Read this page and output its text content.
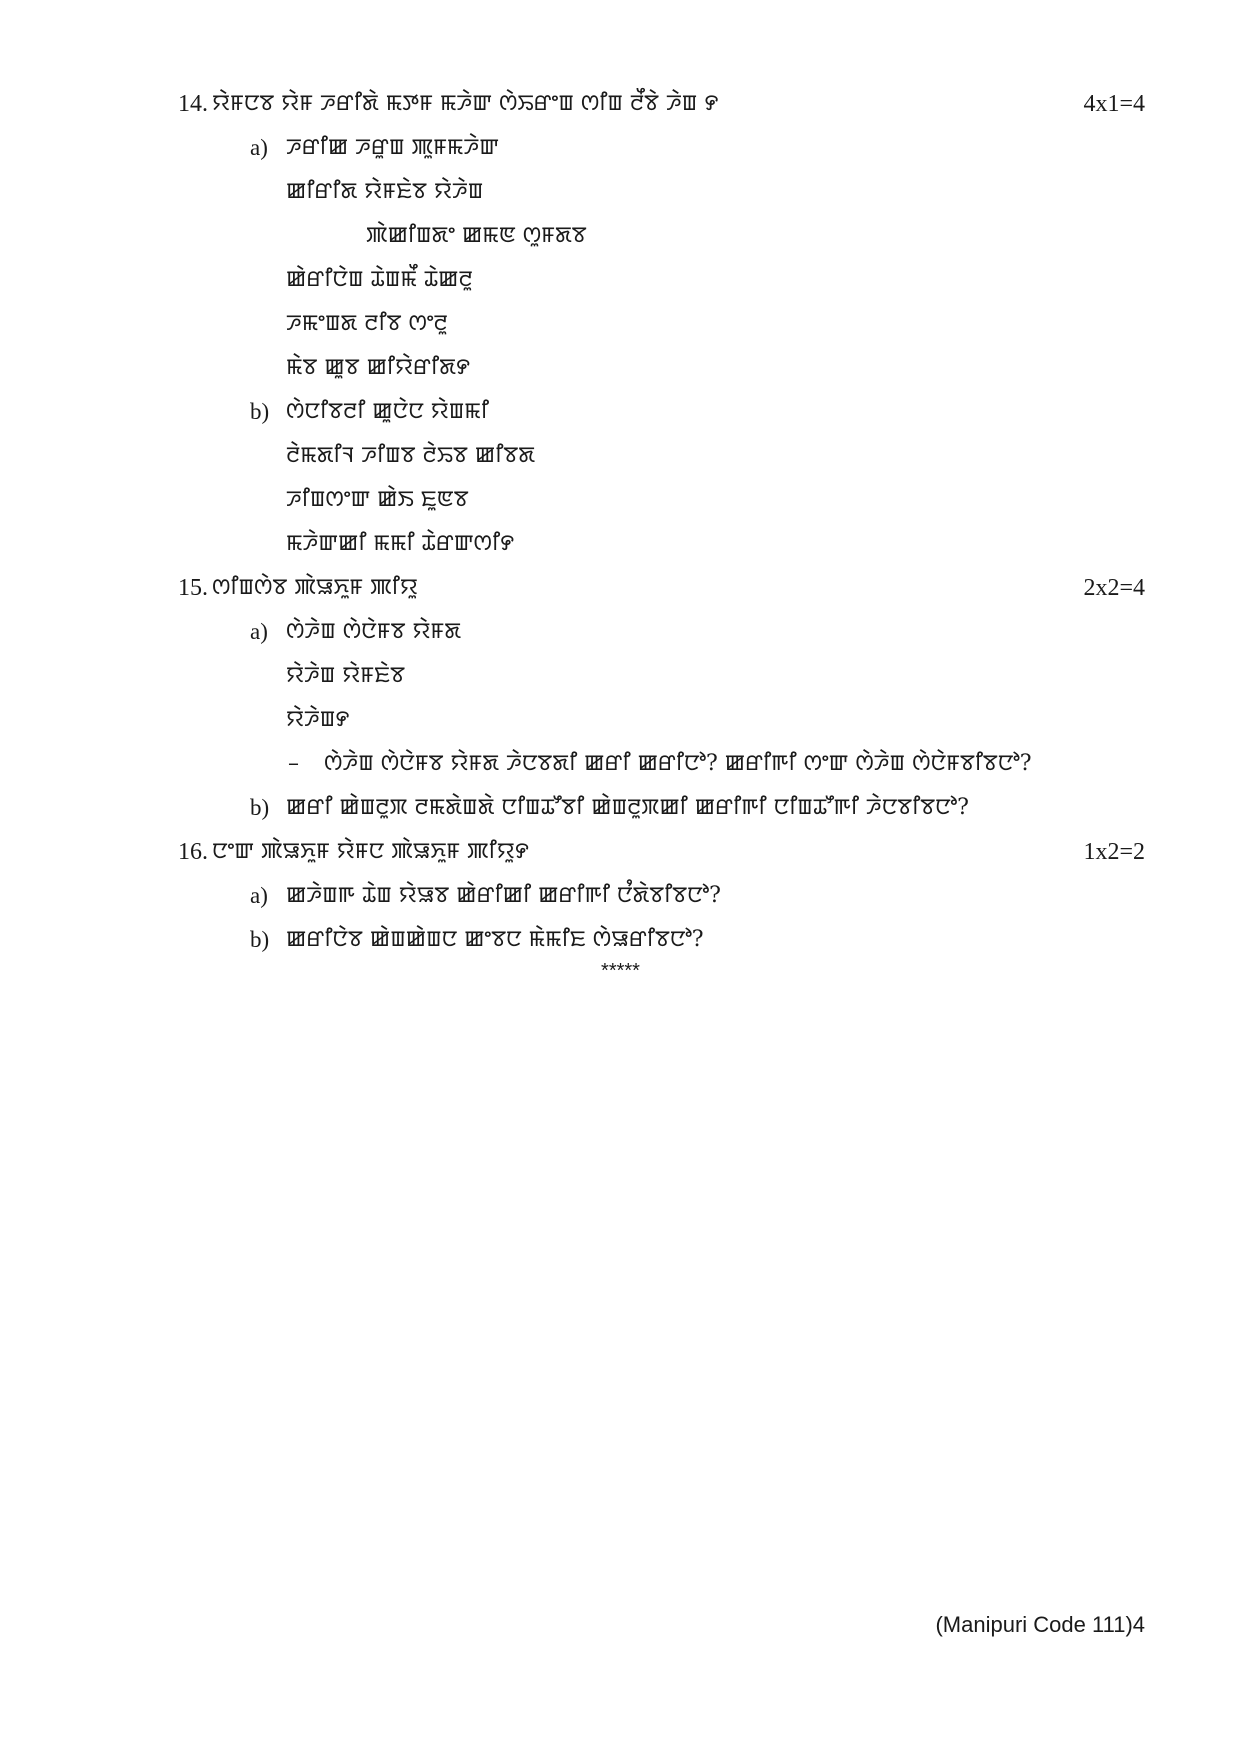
14. ꯌꯥꯝꯅꯕ ꯌꯥꯝ ꯍꯔꯤꯗꯥ ꯃꯇꯝ ꯃꯍꯥꯛ ꯁꯥꯢꯔꯦꯡ ꯁꯤꯡ ꯂꯩꯕꯥ ꯍꯥꯡ ꯸	4x1=4
a) ꯍꯔꯤꯀ ꯍꯔꯨꯡ ꯄꯨꯝꯃꯍꯥꯛ
ꯀꯤꯔꯤꯗ ꯌꯥꯝꯐꯥꯕ ꯌꯥꯍꯥꯡ
ꯄꯥꯀꯤꯡꯗꯦ ꯀꯃꯟ ꯁꯨꯝꯗꯕ
ꯀꯥꯔꯤꯅꯥꯡ ꯊꯥꯡꯃꯩ ꯊꯥꯀꯂꯨ
ꯍꯃꯦꯡꯗ ꯂꯤꯕ ꯁꯦꯂꯨ
ꯃꯥꯕ ꯀꯨꯕ ꯀꯤꯌꯥꯔꯤꯗ꯸
b) ꯁꯥꯅꯤꯕꯂꯤ ꯀꯨꯅꯥꯅ ꯌꯥꯡꯃꯤ
ꯂꯥꯃꯗꯤꯜ ꯍꯤꯡꯕ ꯂꯥꯢꯕ ꯀꯤꯕꯗ
ꯍꯤꯡꯁꯦꯛ ꯀꯥꯏ ꯐꯨꯟꯕ
ꯃꯍꯥꯛꯀꯤ ꯃꯃꯤ ꯊꯥꯔꯛꯁꯤ꯸
15. ꯁꯤꯡꯁꯥꯕ ꯄꯥꯎꯈꯨꯝ ꯄꯤꯌꯨ	2x2=4
a) ꯁꯥꯍꯥꯡ ꯁꯥꯅꯥꯝꯕ ꯌꯥꯝꯗ
ꯌꯥꯍꯥꯡ ꯌꯥꯝꯐꯥꯕ
ꯌꯥꯍꯥꯡ꯸
– ꯁꯥꯍꯥꯡ ꯁꯥꯅꯥꯝꯕ ꯌꯥꯝꯗ ꯍꯥꯅꯕꯗꯤ ꯀꯔꯤ ꯀꯔꯤꯅꯣ? ꯀꯔꯤꯒꯤ ꯁꯦꯛ ꯁꯥꯍꯥꯡ ꯁꯥꯅꯥꯝꯕꯤꯕꯅꯣ?
b) ꯀꯔꯤ ꯀꯥꯡꯂꯨꯞ ꯂꯃꯗꯥꯡꯗꯥ ꯅꯤꯡꯊꯧꯕꯤ ꯀꯥꯡꯂꯨꯞꯀꯤ ꯀꯔꯤꯒꯤ ꯅꯤꯡꯊꯧꯒꯤ ꯍꯥꯅꯕꯤꯕꯅꯣ?
16. ꯅꯦꯛ ꯄꯥꯎꯈꯨꯝ ꯌꯥꯝꯅ ꯄꯥꯎꯈꯨꯝ ꯄꯤꯌꯨ꯸	1x2=2
a) ꯀꯍꯥꯡꯒ ꯊꯥꯡ ꯌꯥꯎꯕ ꯀꯥꯔꯤꯀꯤ ꯀꯔꯤꯒꯤ ꯅꯪꯗꯥꯕꯤꯕꯅꯣ?
b) ꯀꯔꯤꯅꯥꯕ ꯀꯥꯡꯀꯥꯡꯅ ꯀꯦꯕꯅ ꯃꯥꯃꯤꯐ ꯁꯥꯎꯔꯤꯕꯅꯣ?
*****
(Manipuri Code 111)4
